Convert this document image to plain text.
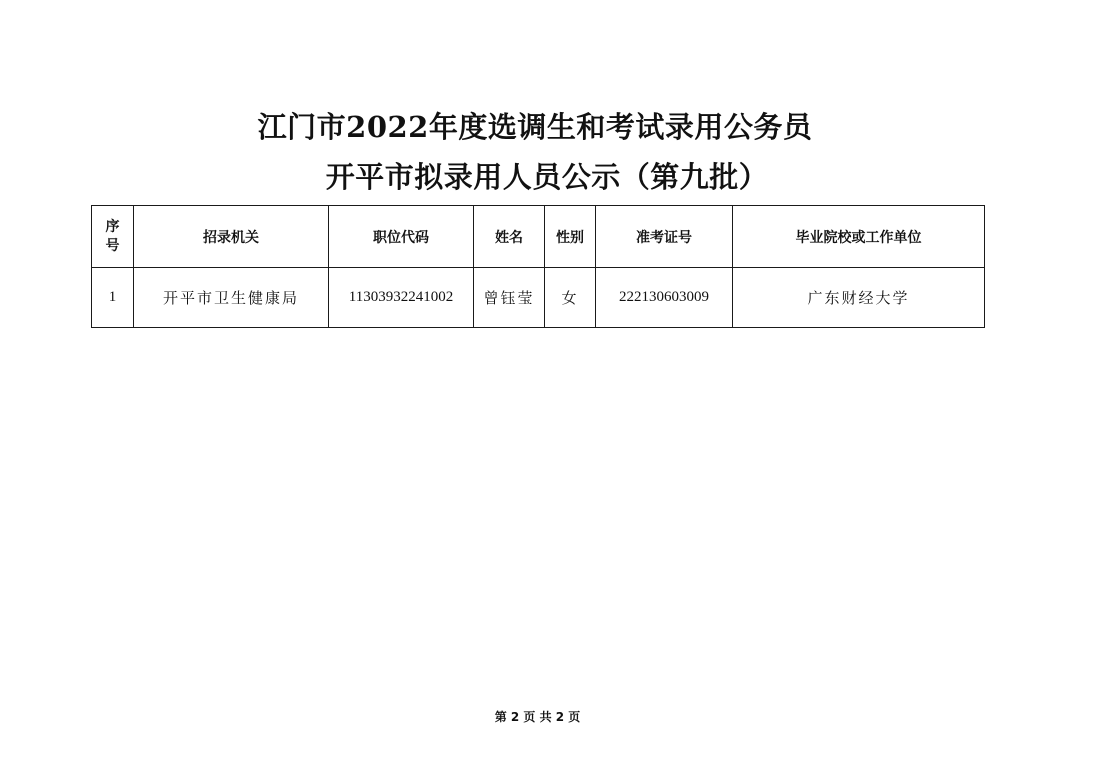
江门市2022年度选调生和考试录用公务员
开平市拟录用人员公示（第九批）
序号	招录机关	职位代码	姓名	性别	准考证号	毕业院校或工作单位
1	开平市卫生健康局	11303932241002	曾钰莹	女	222130603009	广东财经大学
第 2 页 共 2 页
